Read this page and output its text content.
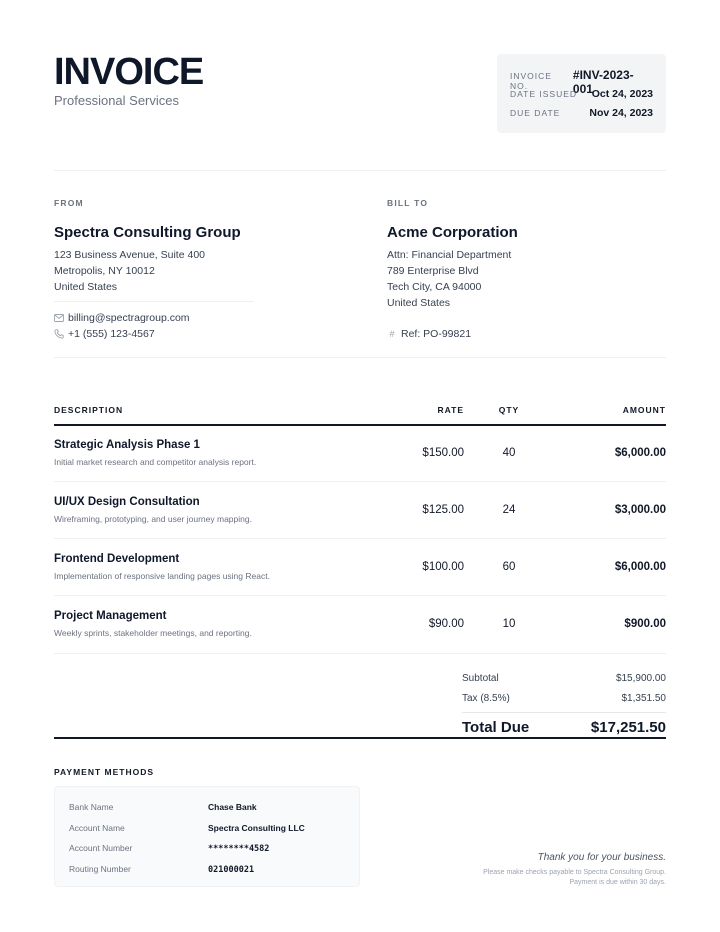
INVOICE
Professional Services
INVOICE NO.
#INV-2023-001
DATE ISSUED Oct 24, 2023
DUE DATE	Nov 24, 2023
FROM
Spectra Consulting Group
123 Business Avenue, Suite 400
Metropolis, NY 10012
United States
billing@spectragroup.com
+1 (555) 123-4567
BILL TO
Acme Corporation
Attn: Financial Department
789 Enterprise Blvd
Tech City, CA 94000
United States
# Ref: PO-99821
DESCRIPTION	RATE	QTY	AMOUNT
Strategic Analysis Phase 1
Initial market research and competitor analysis report.
$150.00	40	$6,000.00
UI/UX Design Consultation
Wireframing, prototyping, and user journey mapping.
$125.00	24	$3,000.00
Frontend Development
Implementation of responsive landing pages using React.
$100.00	60	$6,000.00
Project Management
Weekly sprints, stakeholder meetings, and reporting.
$90.00	10	$900.00
Subtotal	$15,900.00
Tax (8.5%)	$1,351.50
Total Due	$17,251.50
PAYMENT METHODS
Bank Name	Chase Bank
Account Name	Spectra Consulting LLC
Account Number	********4582
Routing Number	021000021
Thank you for your business.
Please make checks payable to Spectra Consulting Group.
Payment is due within 30 days.
